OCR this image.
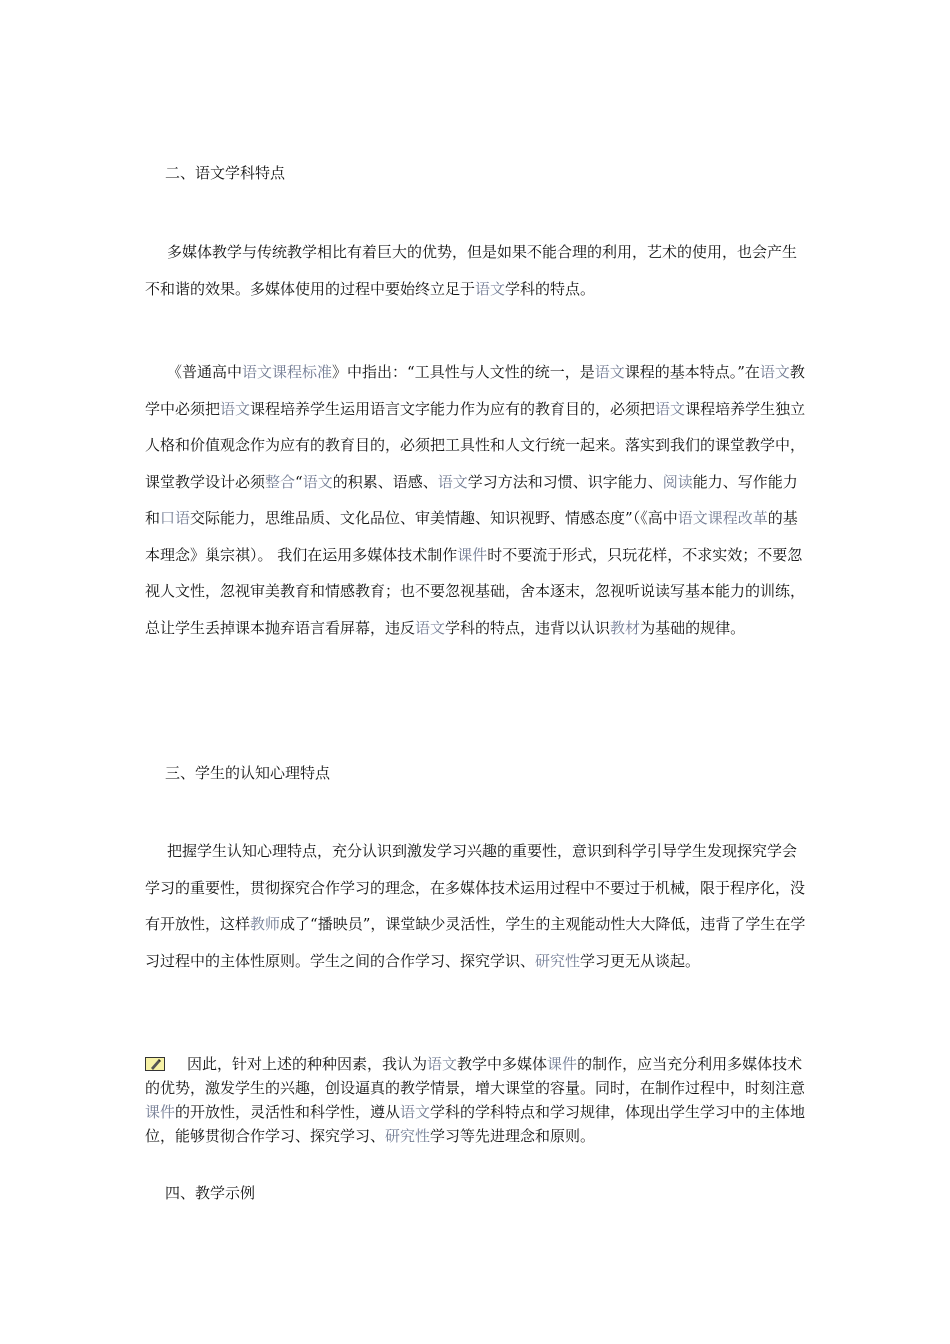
二、语文学科特点

多媒体教学与传统教学相比有着巨大的优势，但是如果不能合理的利用，艺术的使用，也会产生不和谐的效果。多媒体使用的过程中要始终立足于语文学科的特点。

《普通高中语文课程标准》中指出：“工具性与人文性的统一，是语文课程的基本特点。”在语文教学中必须把语文课程培养学生运用语言文字能力作为应有的教育目的，必须把语文课程培养学生独立人格和价值观念作为应有的教育目的，必须把工具性和人文行统一起来。落实到我们的课堂教学中，课堂教学设计必须整合“语文的积累、语感、语文学习方法和习惯、识字能力、阅读能力、写作能力和口语交际能力，思维品质、文化品位、审美情趣、知识视野、情感态度”（《高中语文课程改革的基本理念》巢宗祺）。 我们在运用多媒体技术制作课件时不要流于形式，只玩花样，不求实效；不要忽视人文性，忽视审美教育和情感教育；也不要忽视基础，舍本逐末，忽视听说读写基本能力的训练，总让学生丢掉课本抛弃语言看屏幕，违反语文学科的特点，违背以认识教材为基础的规律。

三、学生的认知心理特点

把握学生认知心理特点，充分认识到激发学习兴趣的重要性，意识到科学引导学生发现探究学会学习的重要性，贯彻探究合作学习的理念，在多媒体技术运用过程中不要过于机械，限于程序化，没有开放性，这样教师成了“播映员”，课堂缺少灵活性，学生的主观能动性大大降低，违背了学生在学习过程中的主体性原则。学生之间的合作学习、探究学识、研究性学习更无从谈起。

因此，针对上述的种种因素，我认为语文教学中多媒体课件的制作，应当充分利用多媒体技术的优势，激发学生的兴趣，创设逼真的教学情景，增大课堂的容量。同时，在制作过程中，时刻注意课件的开放性，灵活性和科学性，遵从语文学科的学科特点和学习规律，体现出学生学习中的主体地位，能够贯彻合作学习、探究学习、研究性学习等先进理念和原则。

四、教学示例
